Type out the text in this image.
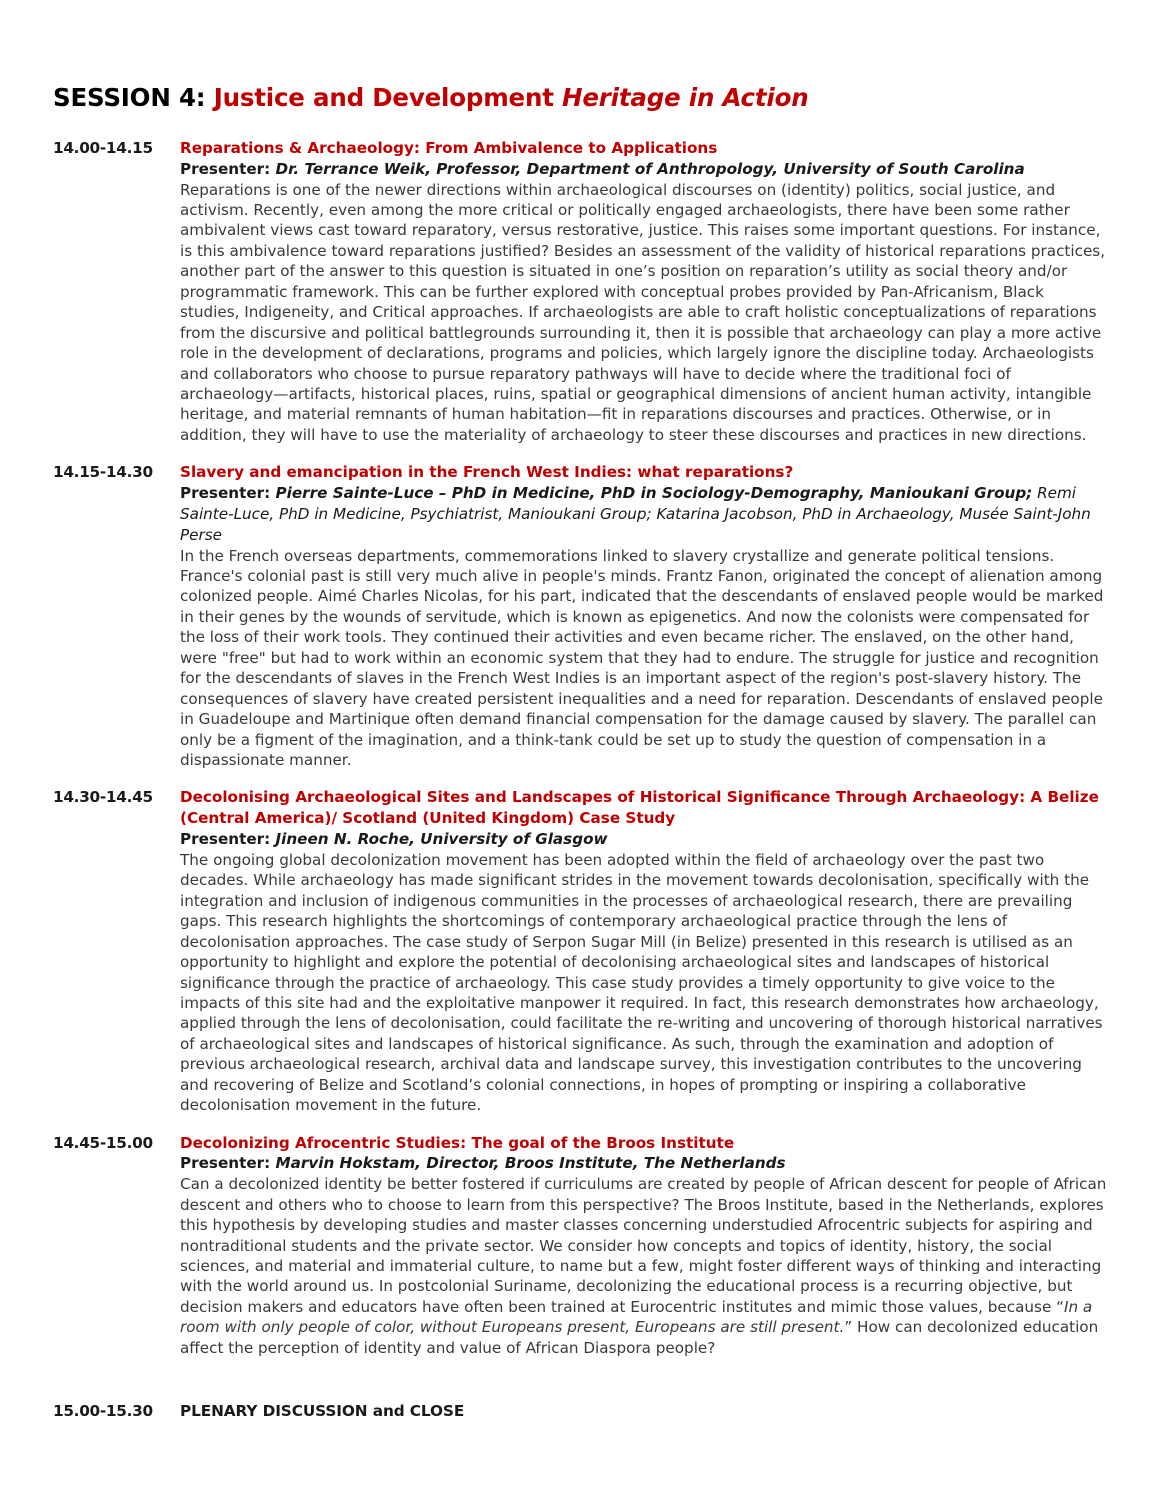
SESSION 4: Justice and Development Heritage in Action
14.00-14.15	Reparations & Archaeology: From Ambivalence to Applications

Presenter: Dr. Terrance Weik, Professor, Department of Anthropology, University of South Carolina

Reparations is one of the newer directions within archaeological discourses on (identity) politics, social justice, and activism. Recently, even among the more critical or politically engaged archaeologists, there have been some rather ambivalent views cast toward reparatory, versus restorative, justice. This raises some important questions. For instance, is this ambivalence toward reparations justified? Besides an assessment of the validity of historical reparations practices, another part of the answer to this question is situated in one’s position on reparation’s utility as social theory and/or programmatic framework. This can be further explored with conceptual probes provided by Pan-Africanism, Black studies, Indigeneity, and Critical approaches. If archaeologists are able to craft holistic conceptualizations of reparations from the discursive and political battlegrounds surrounding it, then it is possible that archaeology can play a more active role in the development of declarations, programs and policies, which largely ignore the discipline today. Archaeologists and collaborators who choose to pursue reparatory pathways will have to decide where the traditional foci of archaeology—artifacts, historical places, ruins, spatial or geographical dimensions of ancient human activity, intangible heritage, and material remnants of human habitation—fit in reparations discourses and practices. Otherwise, or in addition, they will have to use the materiality of archaeology to steer these discourses and practices in new directions.

14.15-14.30	Slavery and emancipation in the French West Indies: what reparations?

Presenter: Pierre Sainte-Luce – PhD in Medicine, PhD in Sociology-Demography, Manioukani Group; Remi Sainte-Luce, PhD in Medicine, Psychiatrist, Manioukani Group; Katarina Jacobson, PhD in Archaeology, Musée Saint-John Perse

In the French overseas departments, commemorations linked to slavery crystallize and generate political tensions. France's colonial past is still very much alive in people's minds. Frantz Fanon, originated the concept of alienation among colonized people. Aimé Charles Nicolas, for his part, indicated that the descendants of enslaved people would be marked in their genes by the wounds of servitude, which is known as epigenetics. And now the colonists were compensated for the loss of their work tools. They continued their activities and even became richer. The enslaved, on the other hand, were "free" but had to work within an economic system that they had to endure. The struggle for justice and recognition for the descendants of slaves in the French West Indies is an important aspect of the region's post-slavery history. The consequences of slavery have created persistent inequalities and a need for reparation. Descendants of enslaved people in Guadeloupe and Martinique often demand financial compensation for the damage caused by slavery. The parallel can only be a figment of the imagination, and a think-tank could be set up to study the question of compensation in a dispassionate manner.

14.30-14.45	Decolonising Archaeological Sites and Landscapes of Historical Significance Through Archaeology: A Belize (Central America)/ Scotland (United Kingdom) Case Study

Presenter: Jineen N. Roche, University of Glasgow

The ongoing global decolonization movement has been adopted within the field of archaeology over the past two decades. While archaeology has made significant strides in the movement towards decolonisation, specifically with the integration and inclusion of indigenous communities in the processes of archaeological research, there are prevailing gaps. This research highlights the shortcomings of contemporary archaeological practice through the lens of decolonisation approaches. The case study of Serpon Sugar Mill (in Belize) presented in this research is utilised as an opportunity to highlight and explore the potential of decolonising archaeological sites and landscapes of historical significance through the practice of archaeology. This case study provides a timely opportunity to give voice to the impacts of this site had and the exploitative manpower it required. In fact, this research demonstrates how archaeology, applied through the lens of decolonisation, could facilitate the re-writing and uncovering of thorough historical narratives of archaeological sites and landscapes of historical significance. As such, through the examination and adoption of previous archaeological research, archival data and landscape survey, this investigation contributes to the uncovering and recovering of Belize and Scotland’s colonial connections, in hopes of prompting or inspiring a collaborative decolonisation movement in the future.

14.45-15.00	Decolonizing Afrocentric Studies: The goal of the Broos Institute

Presenter: Marvin Hokstam, Director, Broos Institute, The Netherlands

Can a decolonized identity be better fostered if curriculums are created by people of African descent for people of African descent and others who to choose to learn from this perspective? The Broos Institute, based in the Netherlands, explores this hypothesis by developing studies and master classes concerning understudied Afrocentric subjects for aspiring and nontraditional students and the private sector. We consider how concepts and topics of identity, history, the social sciences, and material and immaterial culture, to name but a few, might foster different ways of thinking and interacting with the world around us. In postcolonial Suriname, decolonizing the educational process is a recurring objective, but decision makers and educators have often been trained at Eurocentric institutes and mimic those values, because “In a room with only people of color, without Europeans present, Europeans are still present.” How can decolonized education affect the perception of identity and value of African Diaspora people?

15.00-15.30	PLENARY DISCUSSION and CLOSE
